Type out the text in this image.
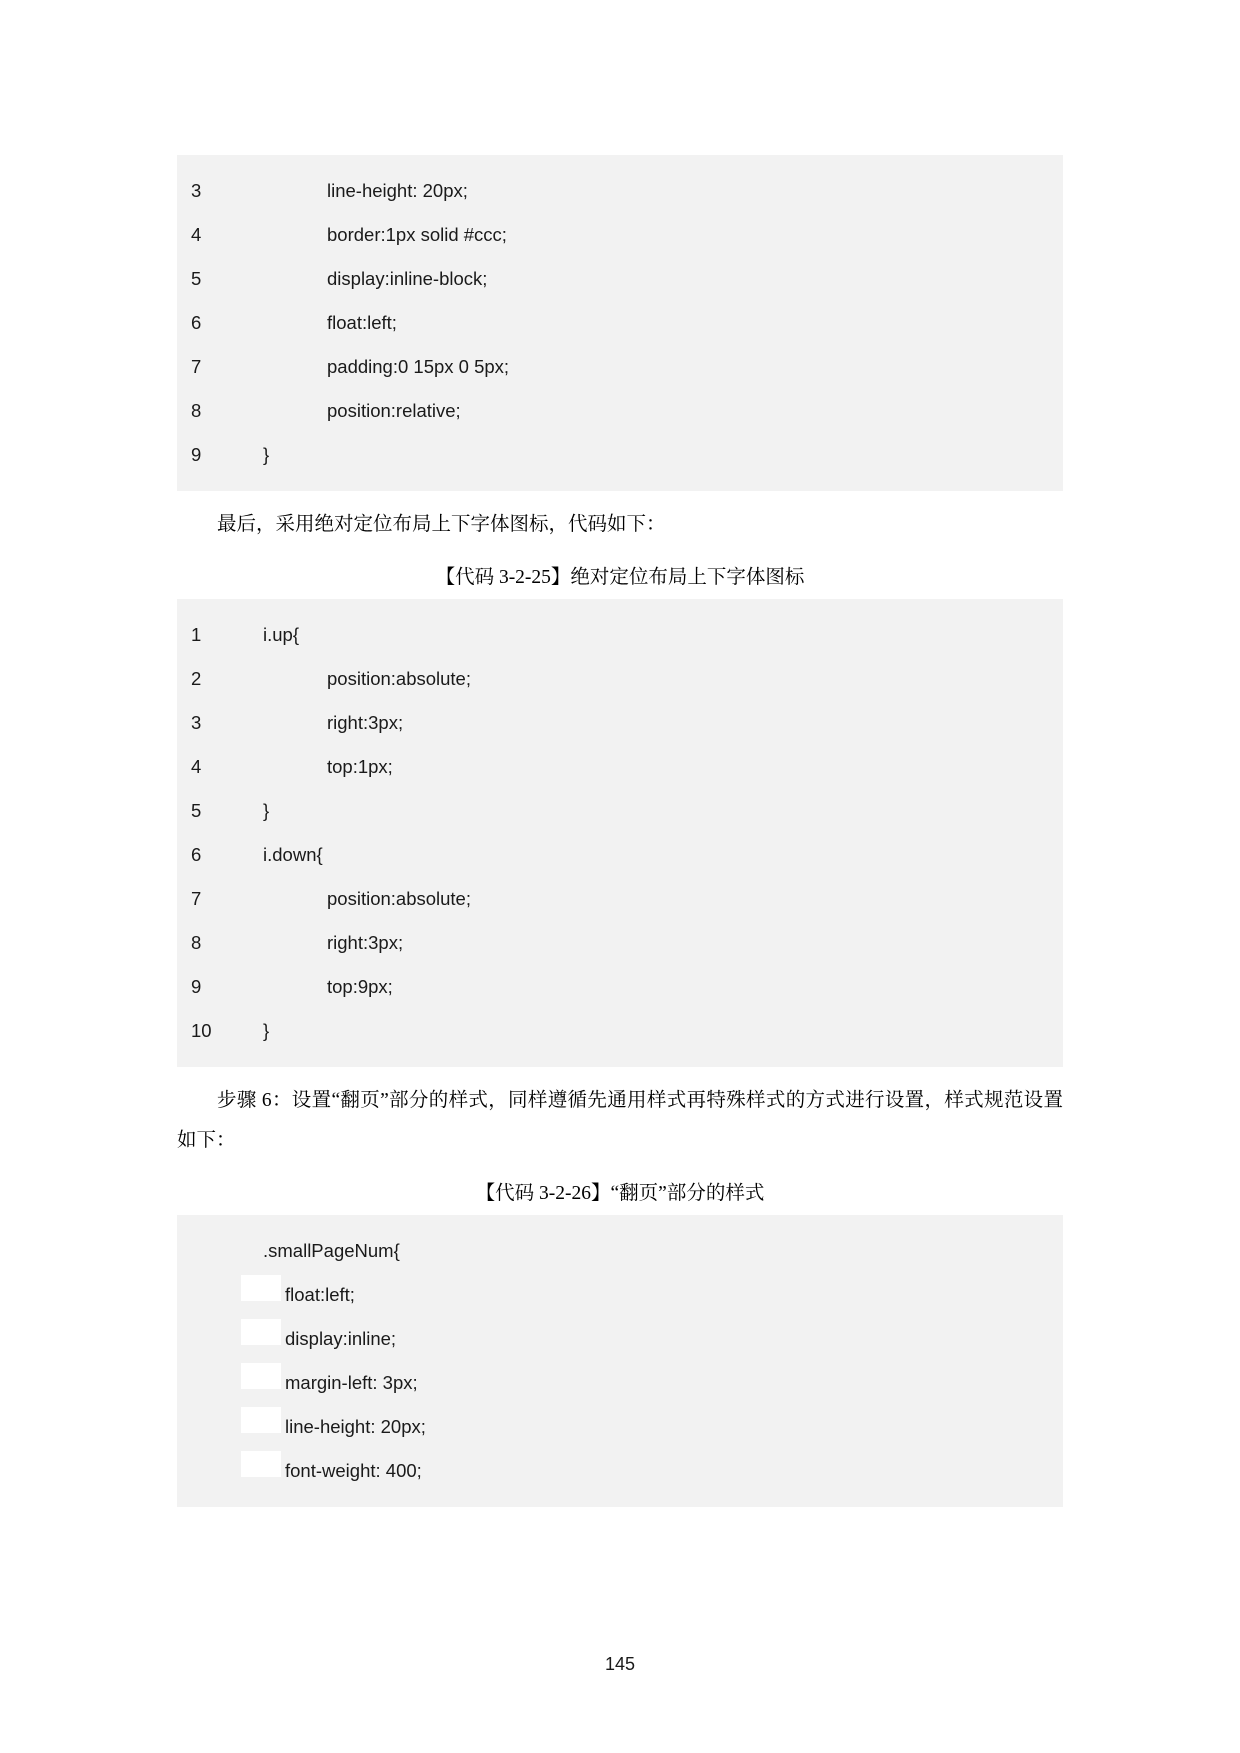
3	line-height: 20px;
4	border:1px solid #ccc;
5	display:inline-block;
6	float:left;
7	padding:0 15px 0 5px;
8	position:relative;
9	}
最后，采用绝对定位布局上下字体图标，代码如下：
【代码 3-2-25】绝对定位布局上下字体图标
1	i.up{
2	position:absolute;
3	right:3px;
4	top:1px;
5	}
6	i.down{
7	position:absolute;
8	right:3px;
9	top:9px;
10	}
步骤 6：设置“翻页”部分的样式，同样遵循先通用样式再特殊样式的方式进行设置，样式规范设置如下：
【代码 3-2-26】“翻页”部分的样式
.smallPageNum{
float:left;
display:inline;
margin-left: 3px;
line-height: 20px;
font-weight: 400;
145
